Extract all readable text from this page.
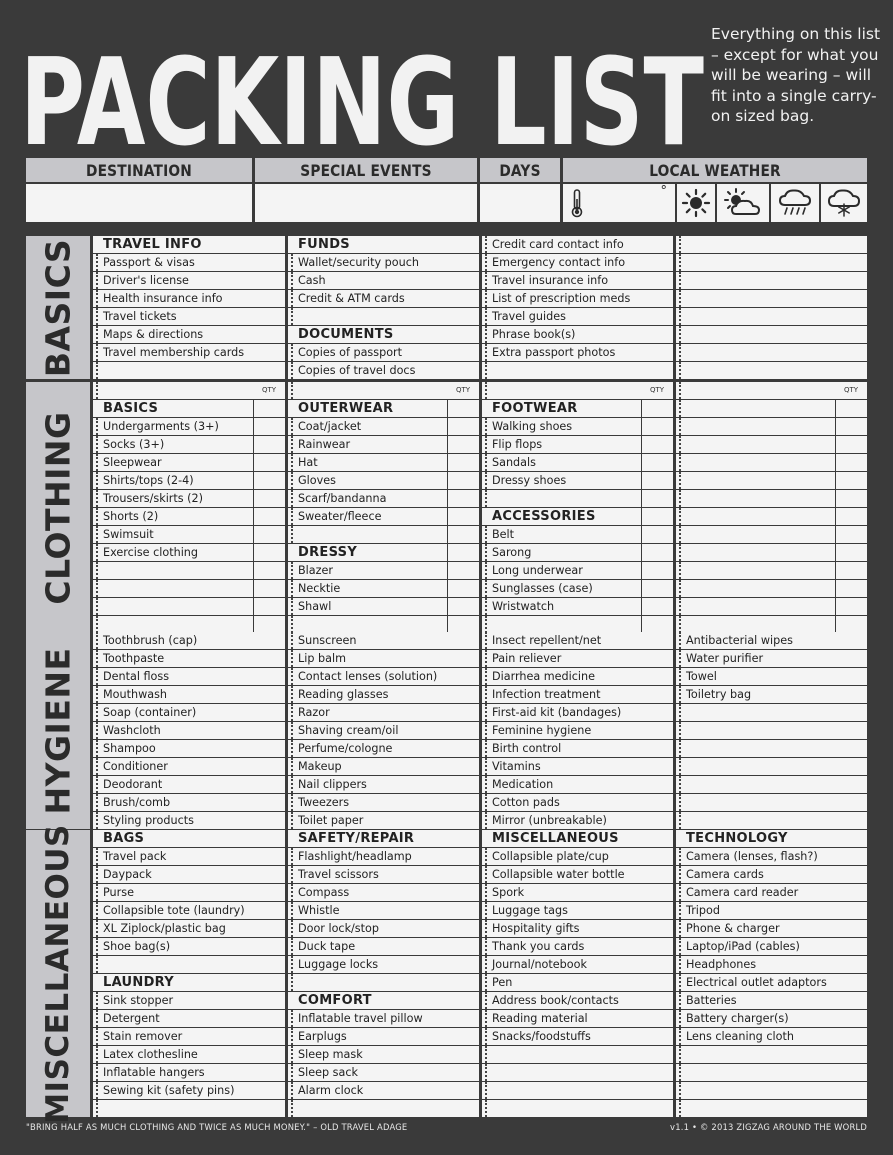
PACKING LIST Everything on this list – except for what you will be wearing – will fit into a single carry-on sized bag.

DESTINATION	SPECIAL EVENTS	DAYS	LOCAL WEATHER
°
BASICS TRAVEL INFO
Passport & visas
Driver's license
Health insurance info
Travel tickets
Maps & directions
Travel membership cards
FUNDS
Wallet/security pouch
Cash
Credit & ATM cards
DOCUMENTS
Copies of passport
Copies of travel docs
Credit card contact info
Emergency contact info
Travel insurance info
List of prescription meds
Travel guides
Phrase book(s)
Extra passport photos
CLOTHING
QTY
BASICS
Undergarments (3+)
Socks (3+)
Sleepwear
Shirts/tops (2-4)
Trousers/skirts (2)
Shorts (2)
Swimsuit
Exercise clothing
QTY
OUTERWEAR
Coat/jacket
Rainwear
Hat
Gloves
Scarf/bandanna
Sweater/fleece
DRESSY
Blazer
Necktie
Shawl
QTY
FOOTWEAR
Walking shoes
Flip flops
Sandals
Dressy shoes
ACCESSORIES
Belt
Sarong
Long underwear
Sunglasses (case)
Wristwatch
QTY
HYGIENE
Toothbrush (cap)
Toothpaste
Dental floss
Mouthwash
Soap (container)
Washcloth
Shampoo
Conditioner
Deodorant
Brush/comb
Styling products
Sunscreen
Lip balm
Contact lenses (solution)
Reading glasses
Razor
Shaving cream/oil
Perfume/cologne
Makeup
Nail clippers
Tweezers
Toilet paper
Insect repellent/net
Pain reliever
Diarrhea medicine
Infection treatment
First-aid kit (bandages)
Feminine hygiene
Birth control
Vitamins
Medication
Cotton pads
Mirror (unbreakable)
Antibacterial wipes
Water purifier
Towel
Toiletry bag
MISCELLANEOUS BAGS
Travel pack
Daypack
Purse
Collapsible tote (laundry)
XL Ziplock/plastic bag
Shoe bag(s)
LAUNDRY
Sink stopper
Detergent
Stain remover
Latex clothesline
Inflatable hangers
Sewing kit (safety pins)
SAFETY/REPAIR
Flashlight/headlamp
Travel scissors
Compass
Whistle
Door lock/stop
Duck tape
Luggage locks
COMFORT
Inflatable travel pillow
Earplugs
Sleep mask
Sleep sack
Alarm clock
MISCELLANEOUS
Collapsible plate/cup
Collapsible water bottle
Spork
Luggage tags
Hospitality gifts
Thank you cards
Journal/notebook
Pen
Address book/contacts
Reading material
Snacks/foodstuffs
TECHNOLOGY
Camera (lenses, flash?)
Camera cards
Camera card reader
Tripod
Phone & charger
Laptop/iPad (cables)
Headphones
Electrical outlet adaptors
Batteries
Battery charger(s)
Lens cleaning cloth

"BRING HALF AS MUCH CLOTHING AND TWICE AS MUCH MONEY." – OLD TRAVEL ADAGE	v1.1 • © 2013 ZIGZAG AROUND THE WORLD
